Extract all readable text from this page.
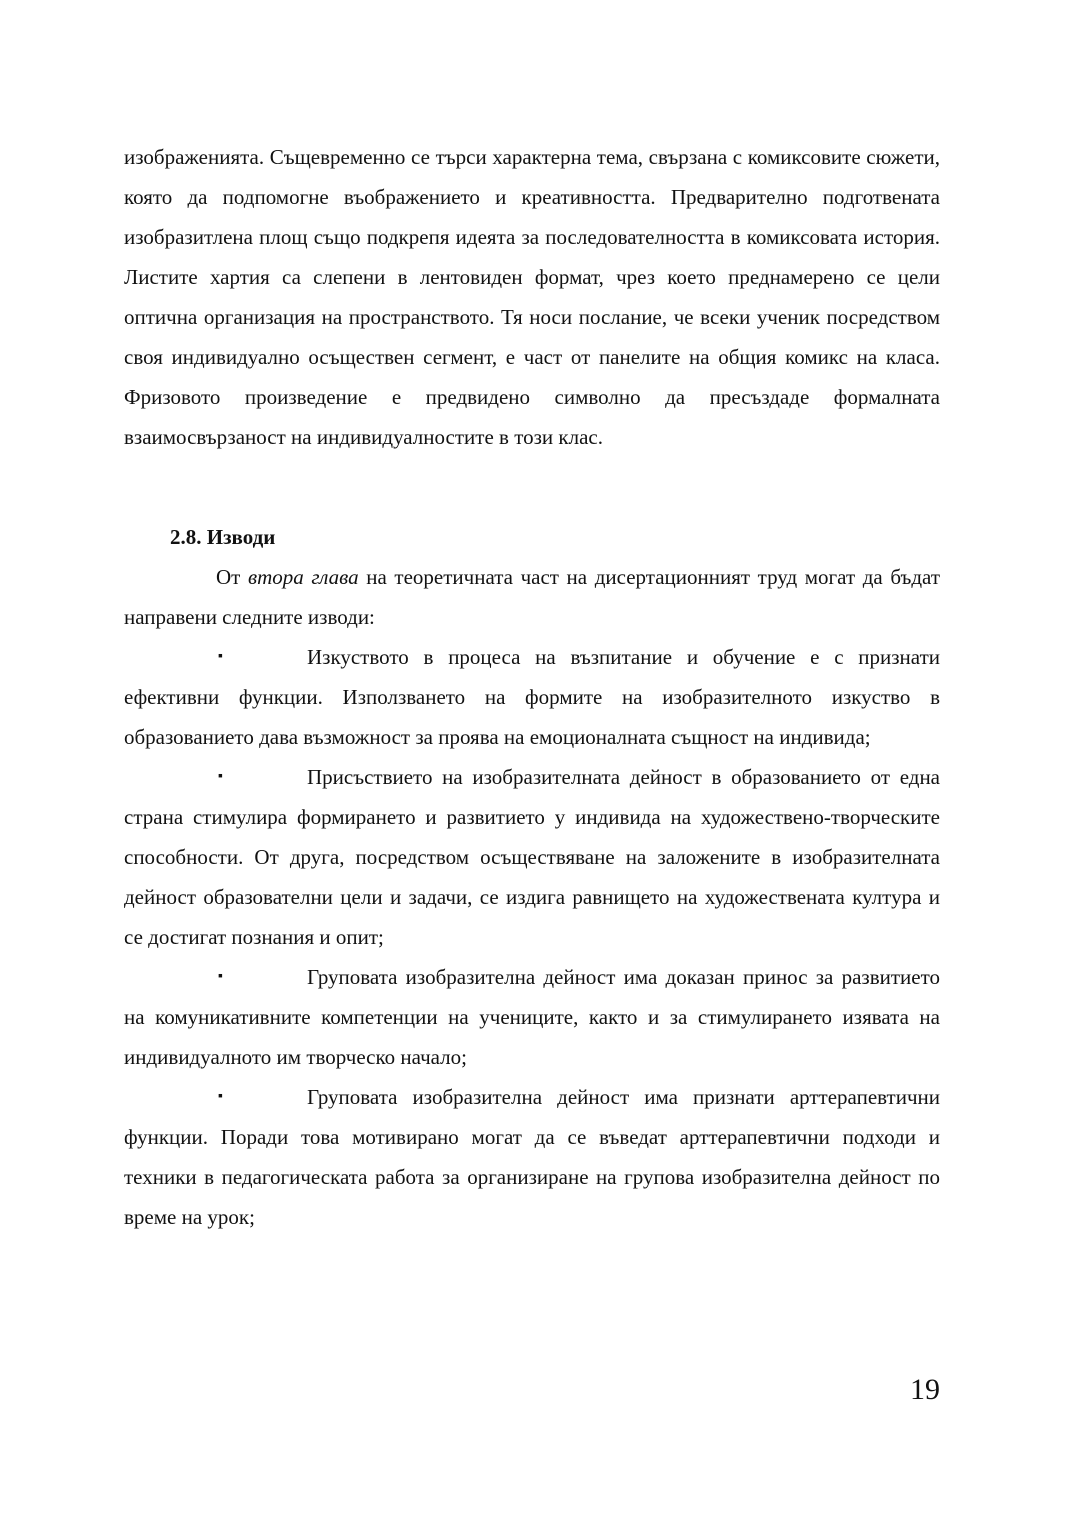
изображенията. Същевременно се търси характерна тема, свързана с комиксовите сюжети, която да подпомогне въображението и креативността. Предварително подготвената изобразитлена площ също подкрепя идеята за последователността в комиксовата история. Листите хартия са слепени в лентовиден формат, чрез което преднамерено се цели оптична организация на пространството. Тя носи послание, че всеки ученик посредством своя индивидуално осъществен сегмент, е част от панелите на общия комикс на класа. Фризовото произведение е предвидено символно да пресъздаде формалната взаимосвързаност на индивидуалностите в този клас.

2.8. Изводи

От втора глава на теоретичната част на дисертационният труд могат да бъдат направени следните изводи:

▪	Изкуството в процеса на възпитание и обучение е с признати ефективни функции. Използването на формите на изобразителното изкуство в образованието дава възможност за проява на емоционалната същност на индивида;

▪	Присъствието на изобразителната дейност в образованието от една страна стимулира формирането и развитието у индивида на художествено-творческите способности. От друга, посредством осъществяване на заложените в изобразителната дейност образователни цели и задачи, се издига равнището на художествената култура и се достигат познания и опит;

▪	Груповата изобразителна дейност има доказан принос за развитието на комуникативните компетенции на учениците, както и за стимулирането изявата на индивидуалното им творческо начало;

▪	Груповата изобразителна дейност има признати арттерапевтични функции. Поради това мотивирано могат да се въведат арттерапевтични подходи и техники в педагогическата работа за организиране на групова изобразителна дейност по време на урок;

19
